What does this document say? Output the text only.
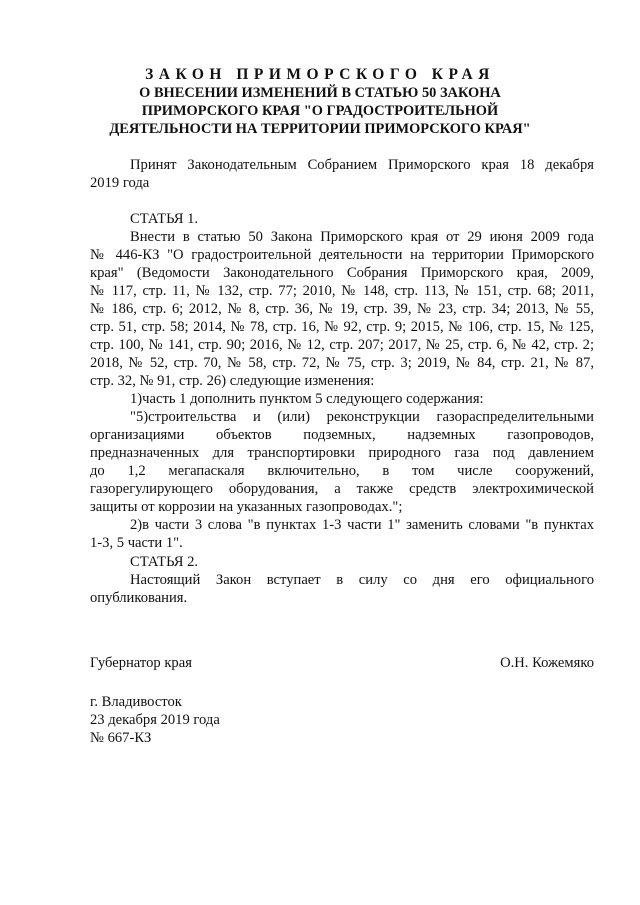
ЗАКОН ПРИМОРСКОГО КРАЯ
О ВНЕСЕНИИ ИЗМЕНЕНИЙ В СТАТЬЮ 50 ЗАКОНА
ПРИМОРСКОГО КРАЯ "О ГРАДОСТРОИТЕЛЬНОЙ
ДЕЯТЕЛЬНОСТИ НА ТЕРРИТОРИИ ПРИМОРСКОГО КРАЯ"
Принят Законодательным Собранием Приморского края 18 декабря
2019 года
СТАТЬЯ 1.
Внести в статью 50 Закона Приморского края от 29 июня 2009 года
№ 446-КЗ "О градостроительной деятельности на территории Приморского
края" (Ведомости Законодательного Собрания Приморского края, 2009,
№ 117, стр. 11, № 132, стр. 77; 2010, № 148, стр. 113, № 151, стр. 68; 2011,
№ 186, стр. 6; 2012, № 8, стр. 36, № 19, стр. 39, № 23, стр. 34; 2013, № 55,
стр. 51, стр. 58; 2014, № 78, стр. 16, № 92, стр. 9; 2015, № 106, стр. 15, № 125,
стр. 100, № 141, стр. 90; 2016, № 12, стр. 207; 2017, № 25, стр. 6, № 42, стр. 2;
2018, № 52, стр. 70, № 58, стр. 72, № 75, стр. 3; 2019, № 84, стр. 21, № 87,
стр. 32, № 91, стр. 26) следующие изменения:
1)часть 1 дополнить пунктом 5 следующего содержания:
"5)строительства и (или) реконструкции газораспределительными
организациями объектов подземных, надземных газопроводов,
предназначенных для транспортировки природного газа под давлением
до 1,2 мегапаскаля включительно, в том числе сооружений,
газорегулирующего оборудования, а также средств электрохимической
защиты от коррозии на указанных газопроводах.";
2)в части 3 слова "в пунктах 1-3 части 1" заменить словами "в пунктах
1-3, 5 части 1".
СТАТЬЯ 2.
Настоящий Закон вступает в силу со дня его официального
опубликования.
Губернатор края	О.Н. Кожемяко
г. Владивосток
23 декабря 2019 года
№ 667-КЗ
